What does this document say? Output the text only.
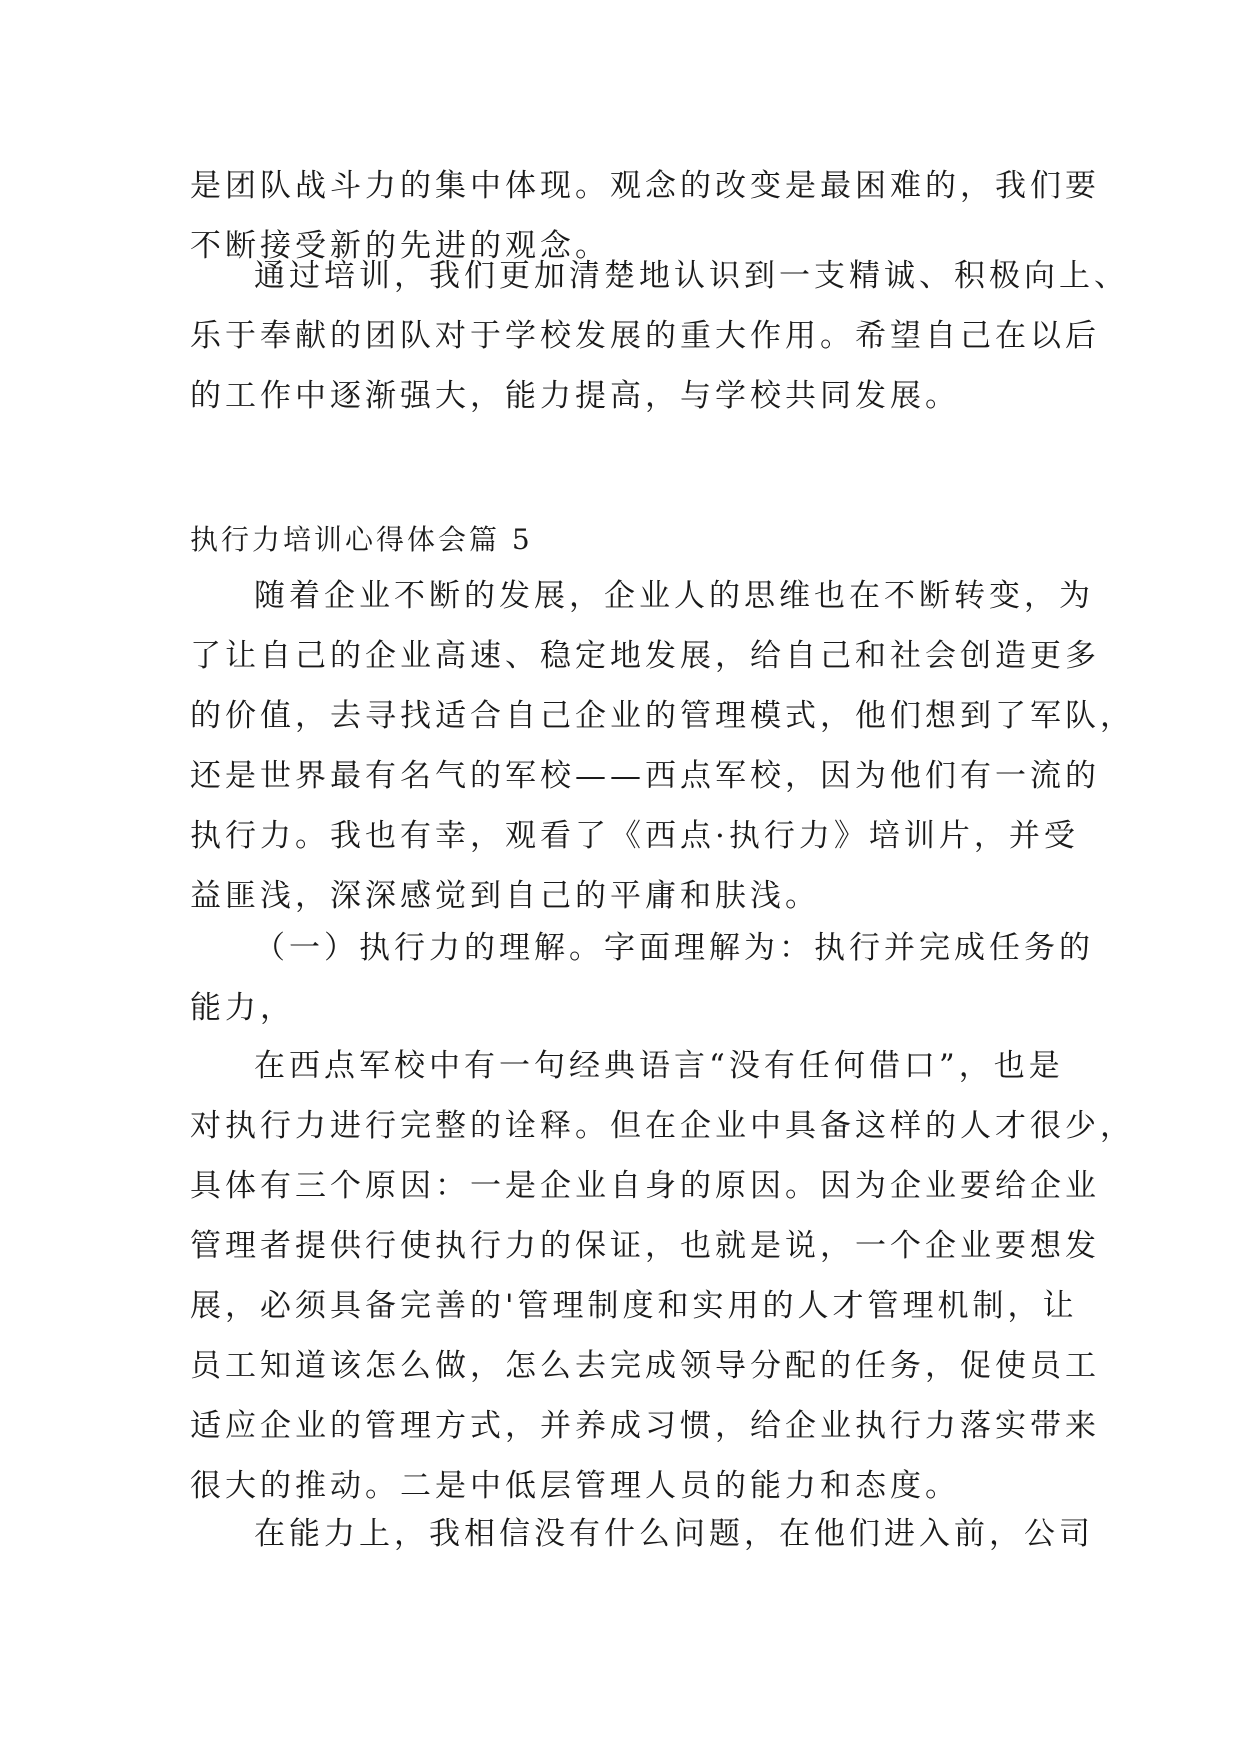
是团队战斗力的集中体现。观念的改变是最困难的，我们要
不断接受新的先进的观念。
通过培训，我们更加清楚地认识到一支精诚、积极向上、
乐于奉献的团队对于学校发展的重大作用。希望自己在以后
的工作中逐渐强大，能力提高，与学校共同发展。
执行力培训心得体会篇 5
随着企业不断的发展，企业人的思维也在不断转变，为
了让自己的企业高速、稳定地发展，给自己和社会创造更多
的价值，去寻找适合自己企业的管理模式，他们想到了军队，
还是世界最有名气的军校——西点军校，因为他们有一流的
执行力。我也有幸，观看了《西点·执行力》培训片，并受
益匪浅，深深感觉到自己的平庸和肤浅。
（一）执行力的理解。字面理解为：执行并完成任务的
能力，
在西点军校中有一句经典语言“没有任何借口”，也是
对执行力进行完整的诠释。但在企业中具备这样的人才很少，
具体有三个原因：一是企业自身的原因。因为企业要给企业
管理者提供行使执行力的保证，也就是说，一个企业要想发
展，必须具备完善的'管理制度和实用的人才管理机制，让
员工知道该怎么做，怎么去完成领导分配的任务，促使员工
适应企业的管理方式，并养成习惯，给企业执行力落实带来
很大的推动。二是中低层管理人员的能力和态度。
在能力上，我相信没有什么问题，在他们进入前，公司
